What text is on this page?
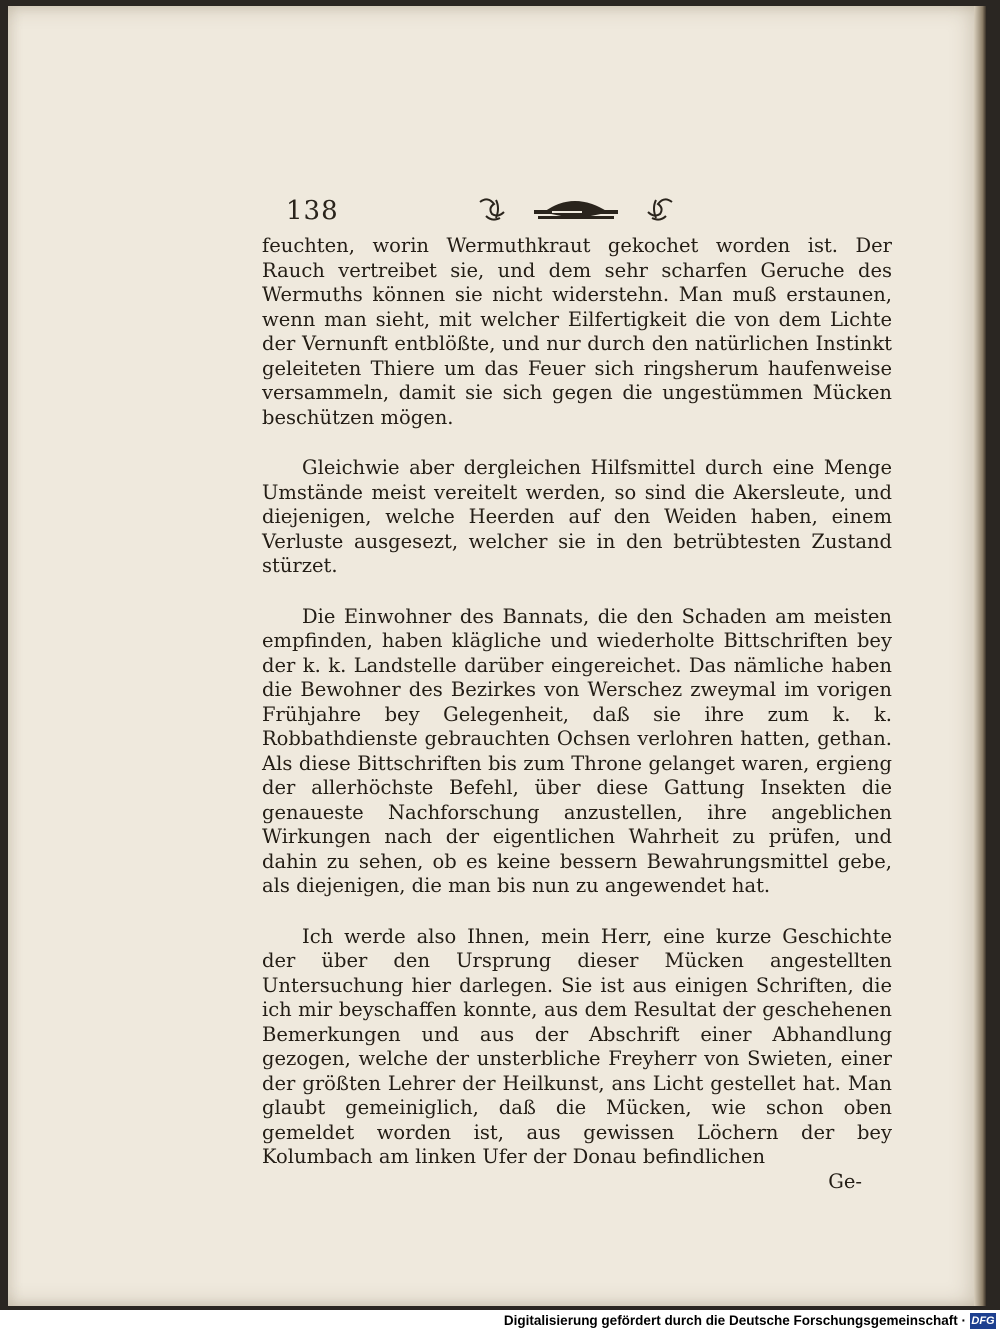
138

feuchten, worin Wermuthkraut gekochet worden ist. Der Rauch vertreibet sie, und dem sehr scharfen Geruche des Wermuths können sie nicht widerstehn. Man muß erstaunen, wenn man sieht, mit welcher Eilfertigkeit die von dem Lichte der Vernunft entblößte, und nur durch den natürlichen Instinkt geleiteten Thiere um das Feuer sich ringsherum haufenweise versammeln, damit sie sich gegen die ungestümmen Mücken beschützen mögen.

Gleichwie aber dergleichen Hilfsmittel durch eine Menge Umstände meist vereitelt werden, so sind die Akersleute, und diejenigen, welche Heerden auf den Weiden haben, einem Verluste ausgesezt, welcher sie in den betrübtesten Zustand stürzet.

Die Einwohner des Bannats, die den Schaden am meisten empfinden, haben klägliche und wiederholte Bittschriften bey der k. k. Landstelle darüber eingereichet. Das nämliche haben die Bewohner des Bezirkes von Werschez zweymal im vorigen Frühjahre bey Gelegenheit, daß sie ihre zum k. k. Robbathdienste gebrauchten Ochsen verlohren hatten, gethan. Als diese Bittschriften bis zum Throne gelanget waren, ergieng der allerhöchste Befehl, über diese Gattung Insekten die genaueste Nachforschung anzustellen, ihre angeblichen Wirkungen nach der eigentlichen Wahrheit zu prüfen, und dahin zu sehen, ob es keine bessern Bewahrungsmittel gebe, als diejenigen, die man bis nun zu angewendet hat.

Ich werde also Ihnen, mein Herr, eine kurze Geschichte der über den Ursprung dieser Mücken angestellten Untersuchung hier darlegen. Sie ist aus einigen Schriften, die ich mir beyschaffen konnte, aus dem Resultat der geschehenen Bemerkungen und aus der Abschrift einer Abhandlung gezogen, welche der unsterbliche Freyherr von Swieten, einer der größten Lehrer der Heilkunst, ans Licht gestellet hat. Man glaubt gemeiniglich, daß die Mücken, wie schon oben gemeldet worden ist, aus gewissen Löchern der bey Kolumbach am linken Ufer der Donau befindlichen

Ge-
Digitalisierung gefördert durch die Deutsche Forschungsgemeinschaft · DFG
